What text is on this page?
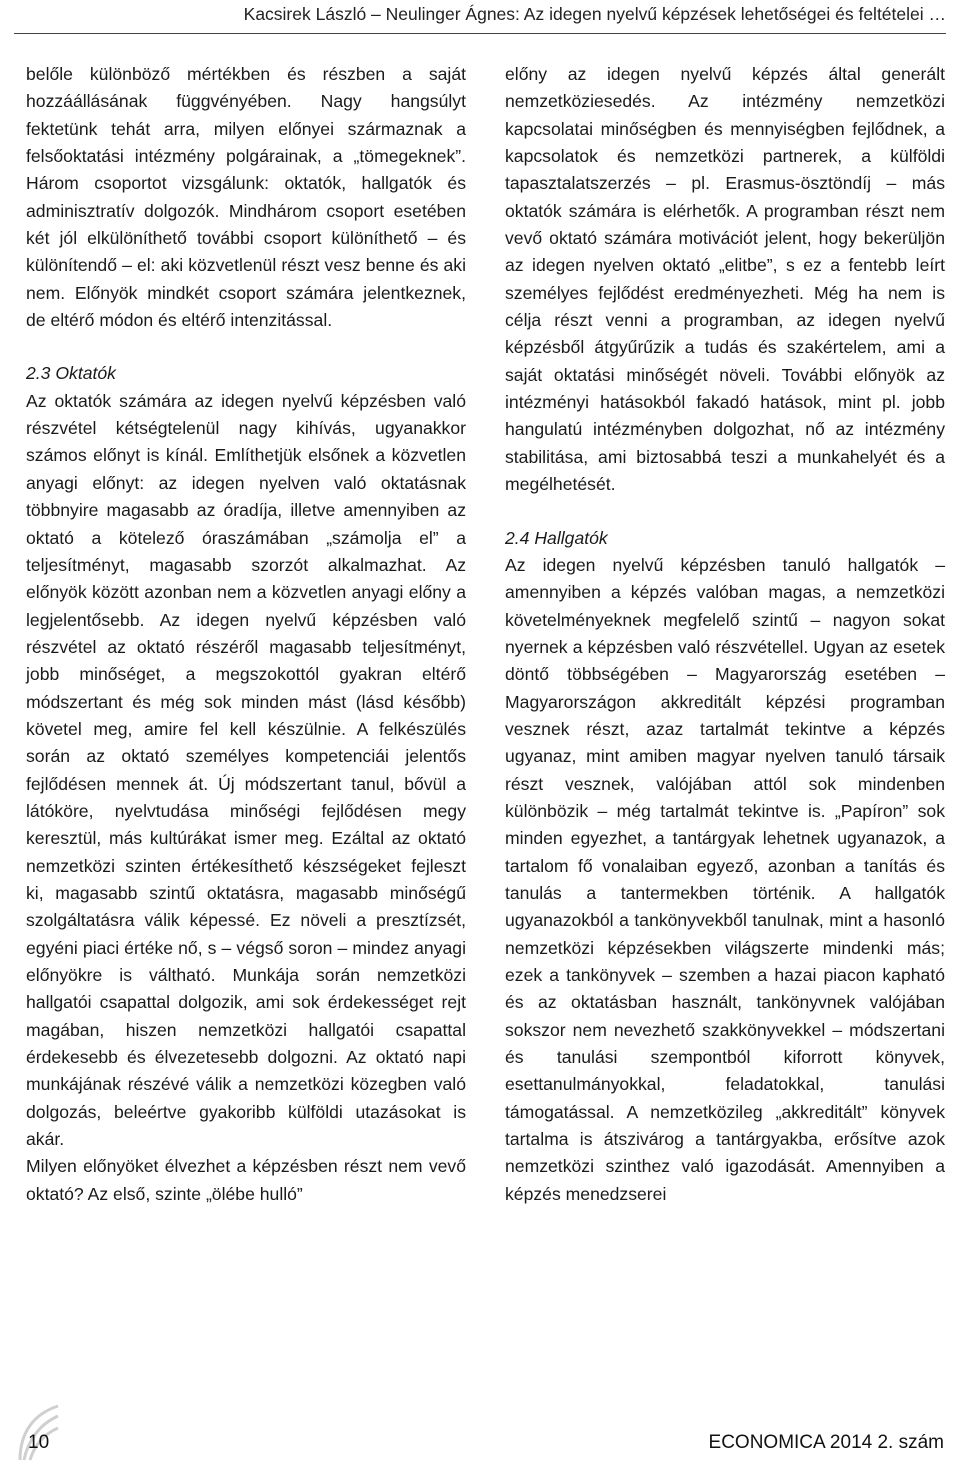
Kacsirek László – Neulinger Ágnes: Az idegen nyelvű képzések lehetőségei és feltételei …

belőle különböző mértékben és részben a saját hozzáállásának függvényében. Nagy hangsúlyt fektetünk tehát arra, milyen előnyei származnak a felsőoktatási intézmény polgárainak, a „tömegeknek”. Három csoportot vizsgálunk: oktatók, hallgatók és adminisztratív dolgozók. Mindhárom csoport esetében két jól elkülöníthető további csoport különíthető – és különítendő – el: aki közvetlenül részt vesz benne és aki nem. Előnyök mindkét csoport számára jelentkeznek, de eltérő módon és eltérő intenzitással.

2.3 Oktatók

Az oktatók számára az idegen nyelvű képzésben való részvétel kétségtelenül nagy kihívás, ugyanakkor számos előnyt is kínál. Említhetjük elsőnek a közvetlen anyagi előnyt: az idegen nyelven való oktatásnak többnyire magasabb az óradíja, illetve amennyiben az oktató a kötelező óraszámában „számolja el” a teljesítményt, magasabb szorzót alkalmazhat. Az előnyök között azonban nem a közvetlen anyagi előny a legjelentősebb. Az idegen nyelvű képzésben való részvétel az oktató részéről magasabb teljesítményt, jobb minőséget, a megszokottól gyakran eltérő módszertant és még sok minden mást (lásd később) követel meg, amire fel kell készülnie. A felkészülés során az oktató személyes kompetenciái jelentős fejlődésen mennek át. Új módszertant tanul, bővül a látóköre, nyelvtudása minőségi fejlődésen megy keresztül, más kultúrákat ismer meg. Ezáltal az oktató nemzetközi szinten értékesíthető készségeket fejleszt ki, magasabb szintű oktatásra, magasabb minőségű szolgáltatásra válik képessé. Ez növeli a presztízsét, egyéni piaci értéke nő, s – végső soron – mindez anyagi előnyökre is váltható. Munkája során nemzetközi hallgatói csapattal dolgozik, ami sok érdekességet rejt magában, hiszen nemzetközi hallgatói csapattal érdekesebb és élvezetesebb dolgozni. Az oktató napi munkájának részévé válik a nemzetközi közegben való dolgozás, beleértve gyakoribb külföldi utazásokat is akár.

Milyen előnyöket élvezhet a képzésben részt nem vevő oktató? Az első, szinte „ölébe hulló”

előny az idegen nyelvű képzés által generált nemzetköziesedés. Az intézmény nemzetközi kapcsolatai minőségben és mennyiségben fejlődnek, a kapcsolatok és nemzetközi partnerek, a külföldi tapasztalatszerzés – pl. Erasmus-ösztöndíj – más oktatók számára is elérhetők. A programban részt nem vevő oktató számára motivációt jelent, hogy bekerüljön az idegen nyelven oktató „elitbe”, s ez a fentebb leírt személyes fejlődést eredményezheti. Még ha nem is célja részt venni a programban, az idegen nyelvű képzésből átgyűrűzik a tudás és szakértelem, ami a saját oktatási minőségét növeli. További előnyök az intézményi hatásokból fakadó hatások, mint pl. jobb hangulatú intézményben dolgozhat, nő az intézmény stabilitása, ami biztosabbá teszi a munkahelyét és a megélhetését.

2.4 Hallgatók

Az idegen nyelvű képzésben tanuló hallgatók – amennyiben a képzés valóban magas, a nemzetközi követelményeknek megfelelő szintű – nagyon sokat nyernek a képzésben való részvétellel. Ugyan az esetek döntő többségében – Magyarország esetében – Magyarországon akkreditált képzési programban vesznek részt, azaz tartalmát tekintve a képzés ugyanaz, mint amiben magyar nyelven tanuló társaik részt vesznek, valójában attól sok mindenben különbözik – még tartalmát tekintve is. „Papíron” sok minden egyezhet, a tantárgyak lehetnek ugyanazok, a tartalom fő vonalaiban egyező, azonban a tanítás és tanulás a tantermekben történik. A hallgatók ugyanazokból a tankönyvekből tanulnak, mint a hasonló nemzetközi képzésekben világszerte mindenki más; ezek a tankönyvek – szemben a hazai piacon kapható és az oktatásban használt, tankönyvnek valójában sokszor nem nevezhető szakkönyvekkel – módszertani és tanulási szempontból kiforrott könyvek, esettanulmányokkal, feladatokkal, tanulási támogatással. A nemzetközileg „akkreditált” könyvek tartalma is átszivárog a tantárgyakba, erősítve azok nemzetközi szinthez való igazodását. Amennyiben a képzés menedzserei

10	ECONOMICA 2014 2. szám
